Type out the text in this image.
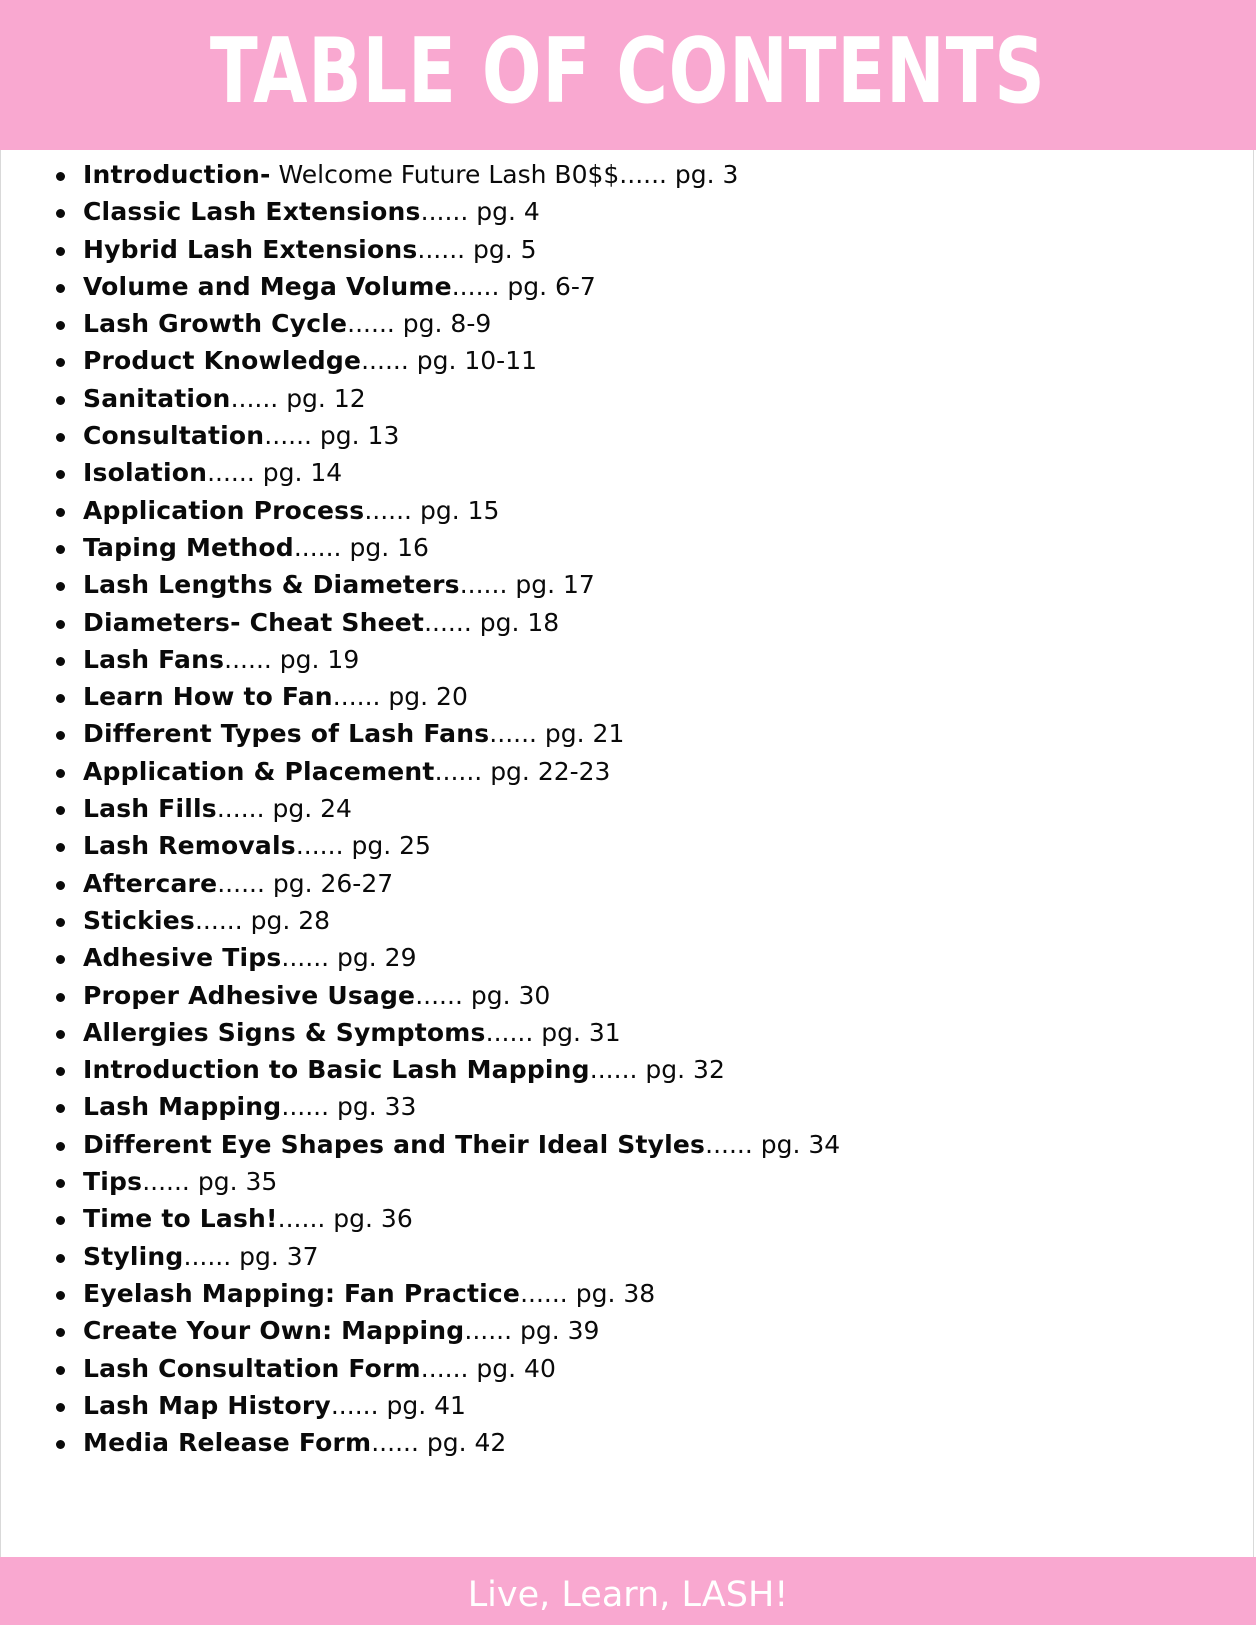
TABLE OF CONTENTS
Introduction- Welcome Future Lash B0$$...... pg. 3
Classic Lash Extensions...... pg. 4
Hybrid Lash Extensions...... pg. 5
Volume and Mega Volume...... pg. 6-7
Lash Growth Cycle...... pg. 8-9
Product Knowledge...... pg. 10-11
Sanitation...... pg. 12
Consultation...... pg. 13
Isolation...... pg. 14
Application Process...... pg. 15
Taping Method...... pg. 16
Lash Lengths & Diameters...... pg. 17
Diameters- Cheat Sheet...... pg. 18
Lash Fans...... pg. 19
Learn How to Fan...... pg. 20
Different Types of Lash Fans...... pg. 21
Application & Placement...... pg. 22-23
Lash Fills...... pg. 24
Lash Removals...... pg. 25
Aftercare...... pg. 26-27
Stickies...... pg. 28
Adhesive Tips...... pg. 29
Proper Adhesive Usage...... pg. 30
Allergies Signs & Symptoms...... pg. 31
Introduction to Basic Lash Mapping...... pg. 32
Lash Mapping...... pg. 33
Different Eye Shapes and Their Ideal Styles...... pg. 34
Tips...... pg. 35
Time to Lash!...... pg. 36
Styling...... pg. 37
Eyelash Mapping: Fan Practice...... pg. 38
Create Your Own: Mapping...... pg. 39
Lash Consultation Form...... pg. 40
Lash Map History...... pg. 41
Media Release Form...... pg. 42
Live, Learn, LASH!
